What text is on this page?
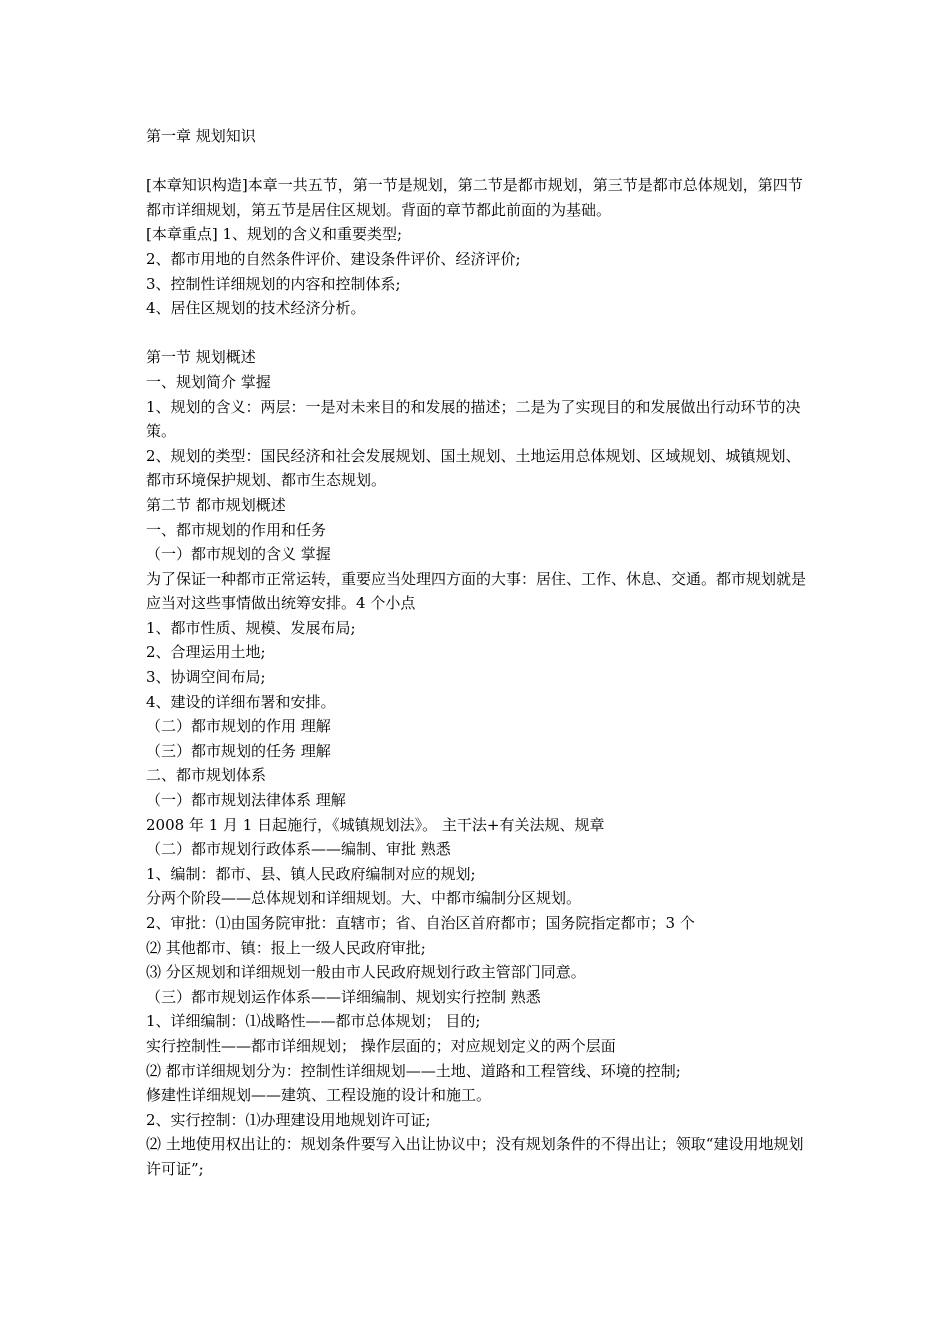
第一章 规划知识

[本章知识构造]本章一共五节，第一节是规划，第二节是都市规划，第三节是都市总体规划，第四节都市详细规划，第五节是居住区规划。背面的章节都此前面的为基础。

[本章重点] 1、规划的含义和重要类型;

2、都市用地的自然条件评价、建设条件评价、经济评价;

3、控制性详细规划的内容和控制体系;

4、居住区规划的技术经济分析。

第一节 规划概述

一、规划简介 掌握

1、规划的含义：两层：一是对未来目的和发展的描述；二是为了实现目的和发展做出行动环节的决策。

2、规划的类型：国民经济和社会发展规划、国土规划、土地运用总体规划、区域规划、城镇规划、都市环境保护规划、都市生态规划。

第二节 都市规划概述

一、都市规划的作用和任务

（一）都市规划的含义 掌握

为了保证一种都市正常运转，重要应当处理四方面的大事：居住、工作、休息、交通。都市规划就是应当对这些事情做出统筹安排。4 个小点

1、都市性质、规模、发展布局;

2、合理运用土地;

3、协调空间布局;

4、建设的详细布署和安排。

（二）都市规划的作用 理解

（三）都市规划的任务 理解

二、都市规划体系

（一）都市规划法律体系 理解

2008 年 1 月 1 日起施行，《城镇规划法》。 主干法+有关法规、规章

（二）都市规划行政体系——编制、审批 熟悉

1、编制：都市、县、镇人民政府编制对应的规划;

分两个阶段——总体规划和详细规划。大、中都市编制分区规划。

2、审批：⑴由国务院审批：直辖市；省、自治区首府都市；国务院指定都市；3 个

⑵ 其他都市、镇：报上一级人民政府审批;

⑶ 分区规划和详细规划一般由市人民政府规划行政主管部门同意。

（三）都市规划运作体系——详细编制、规划实行控制 熟悉

1、详细编制：⑴战略性——都市总体规划； 目的;

实行控制性——都市详细规划； 操作层面的；对应规划定义的两个层面

⑵ 都市详细规划分为：控制性详细规划——土地、道路和工程管线、环境的控制;

修建性详细规划——建筑、工程设施的设计和施工。

2、实行控制：⑴办理建设用地规划许可证;

⑵ 土地使用权出让的：规划条件要写入出让协议中；没有规划条件的不得出让；领取“建设用地规划许可证”;
